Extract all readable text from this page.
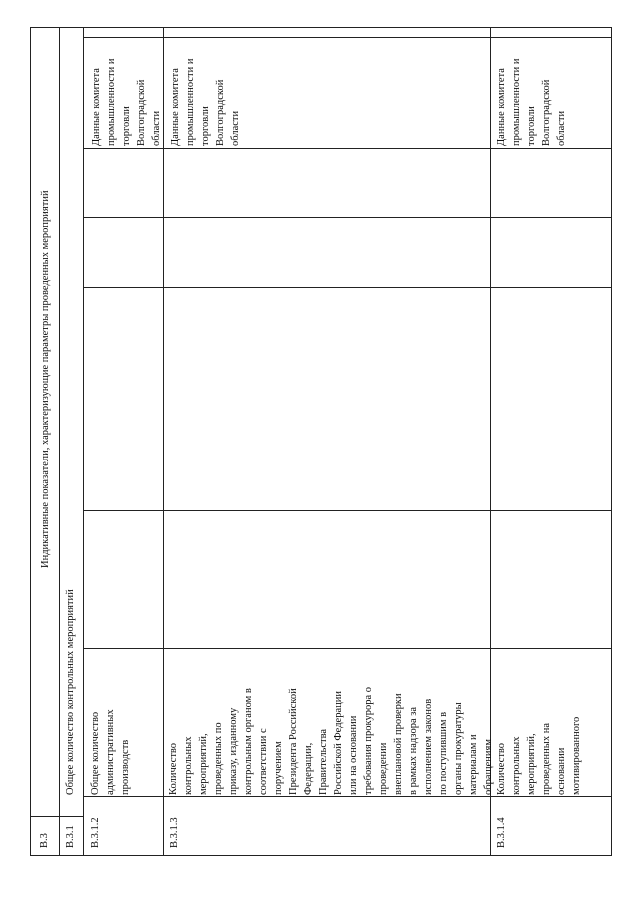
В.3
Индикативные показатели, характеризующие параметры проведенных мероприятий
В.3.1
Общее количество контрольных мероприятий
В.3.1.2
Общее количество административных производств
Данные комитета промышленности и торговли Волгоградской области
В.3.1.3
Количество контрольных мероприятий, проведенных по приказу, изданному контрольным органом в соответствии с поручением Президента Российской Федерации, Правительства Российской Федерации или на основании требования прокурора о проведении внеплановой проверки в рамках надзора за исполнением законов по поступившим в органы прокуратуры материалам и обращениям
Данные комитета промышленности и торговли Волгоградской области
В.3.1.4
Количество контрольных мероприятий, проведенных на основании мотивированного
Данные комитета промышленности и торговли Волгоградской области
